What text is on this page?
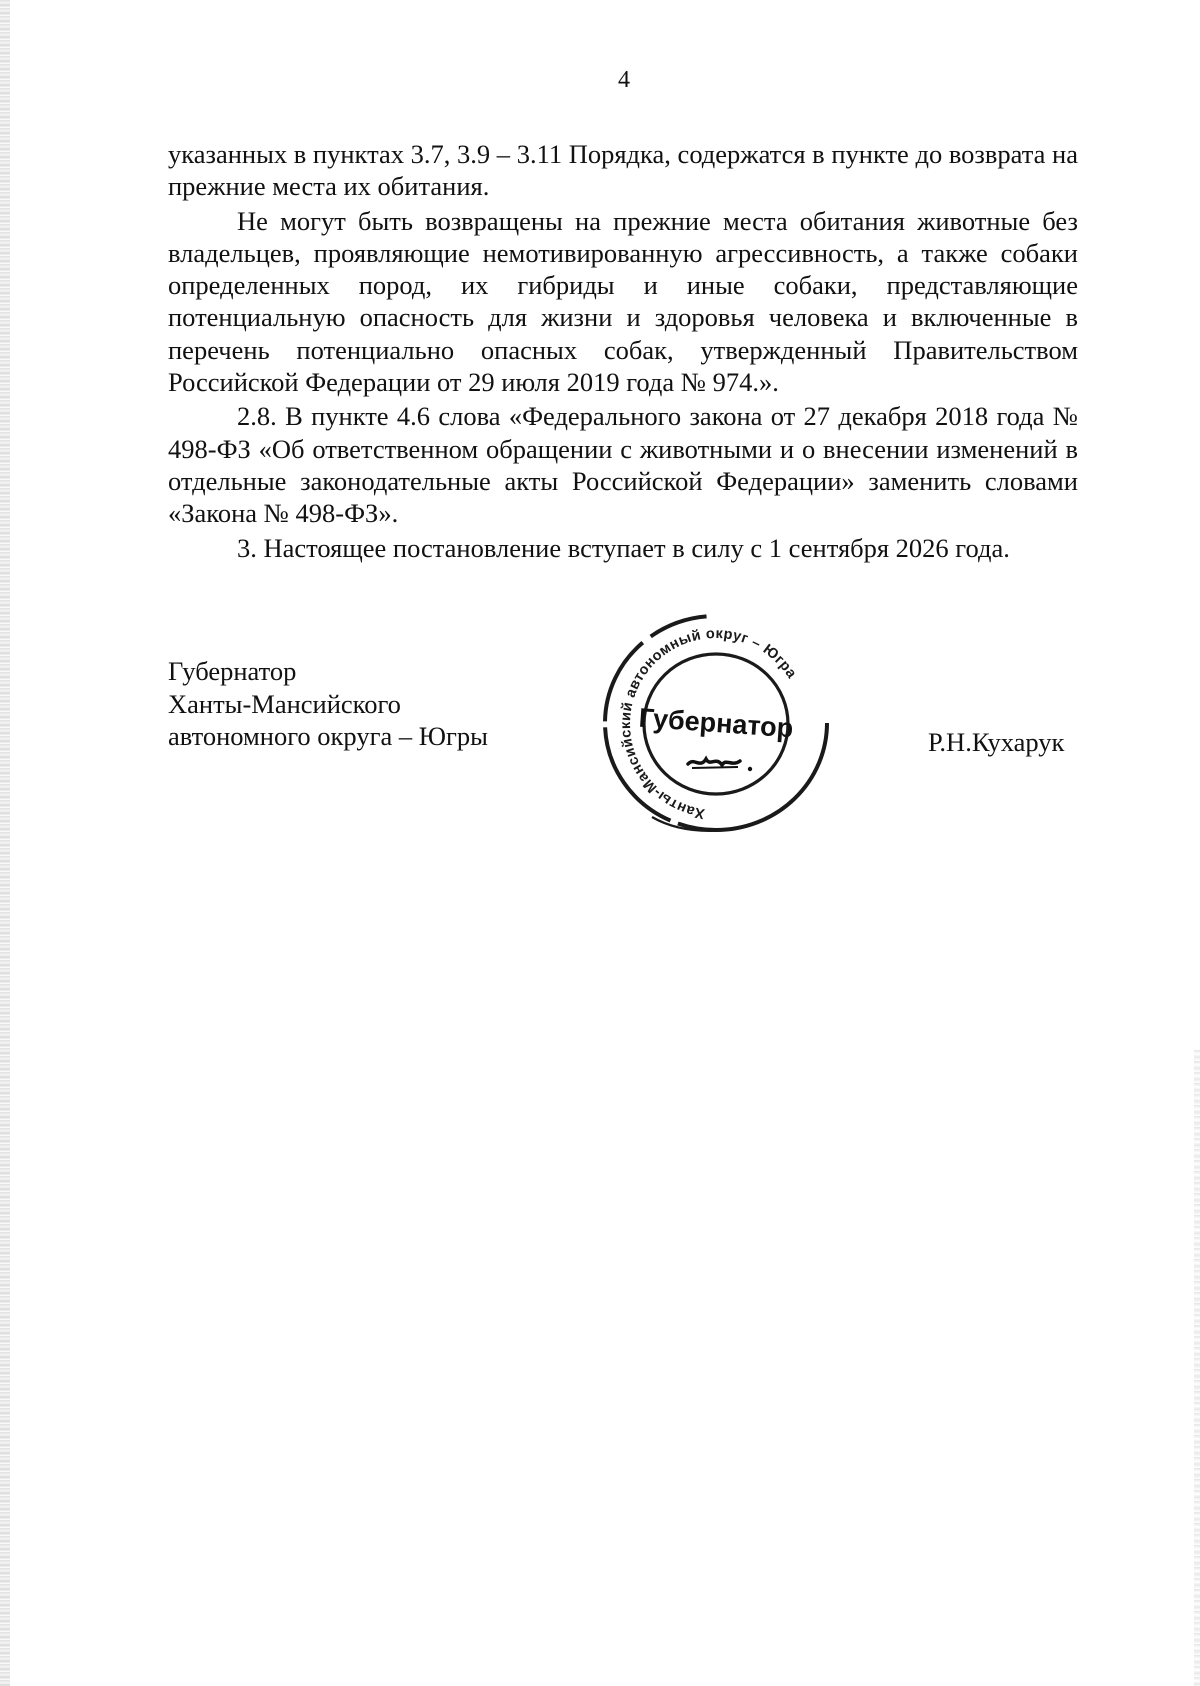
4

указанных в пунктах 3.7, 3.9 – 3.11 Порядка, содержатся в пункте до возврата на прежние места их обитания.

Не могут быть возвращены на прежние места обитания животные без владельцев, проявляющие немотивированную агрессивность, а также собаки определенных пород, их гибриды и иные собаки, представляющие потенциальную опасность для жизни и здоровья человека и включенные в перечень потенциально опасных собак, утвержденный Правительством Российской Федерации от 29 июля 2019 года № 974.».

2.8. В пункте 4.6 слова «Федерального закона от 27 декабря 2018 года № 498-ФЗ «Об ответственном обращении с животными и о внесении изменений в отдельные законодательные акты Российской Федерации» заменить словами «Закона № 498-ФЗ».

3. Настоящее постановление вступает в силу с 1 сентября 2026 года.

Губернатор
Ханты-Мансийского
автономного округа – Югры
Ханты-Мансийский автономный округ – Югра
Губернатор	Р.Н.Кухарук
